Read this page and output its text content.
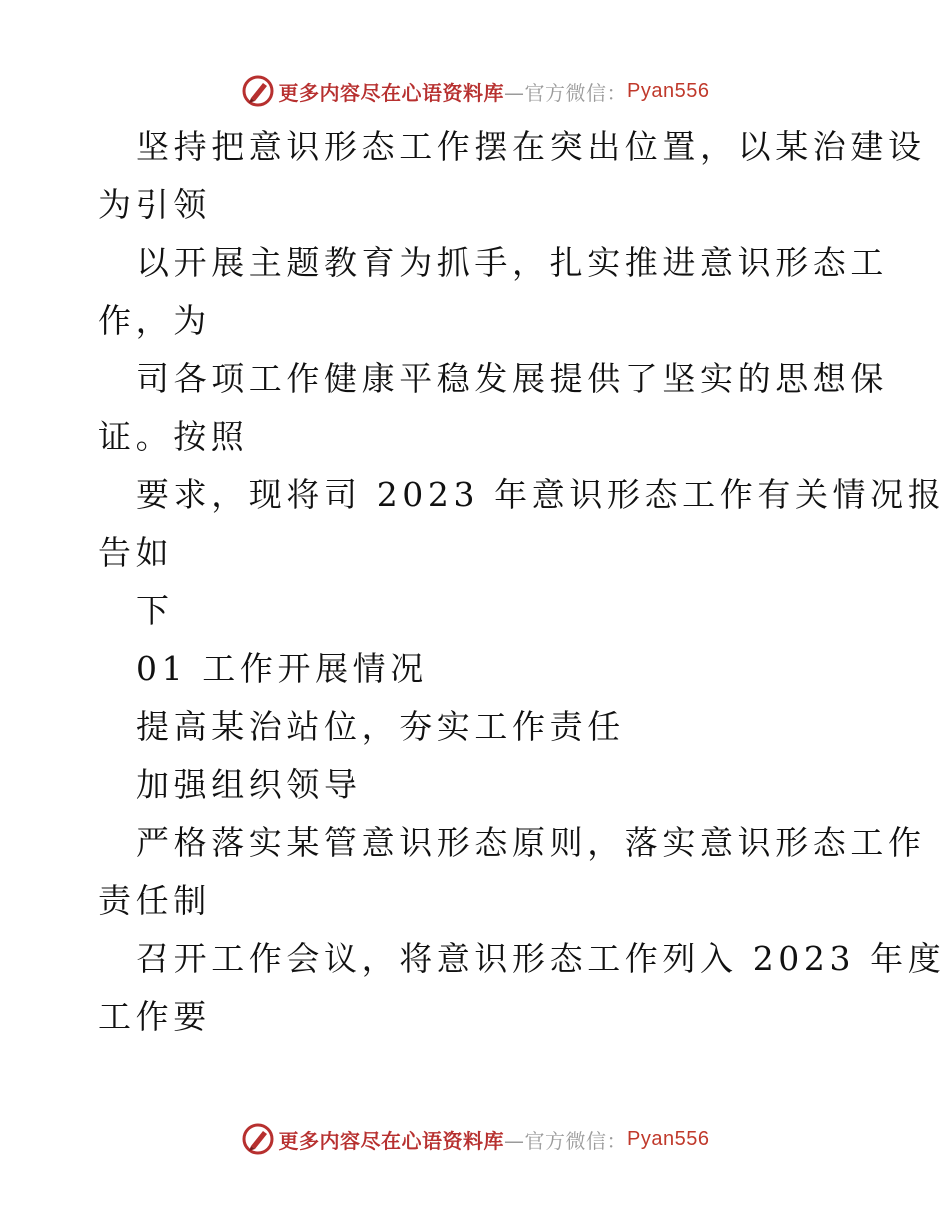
更多内容尽在心语资料库 —官方微信： Pyan556
坚持把意识形态工作摆在突出位置，以某治建设
为引领
以开展主题教育为抓手，扎实推进意识形态工
作，为
司各项工作健康平稳发展提供了坚实的思想保
证。按照
要求，现将司 2023 年意识形态工作有关情况报
告如
下
01 工作开展情况
提高某治站位，夯实工作责任
加强组织领导
严格落实某管意识形态原则，落实意识形态工作
责任制
召开工作会议，将意识形态工作列入 2023 年度
工作要
更多内容尽在心语资料库 —官方微信： Pyan556
